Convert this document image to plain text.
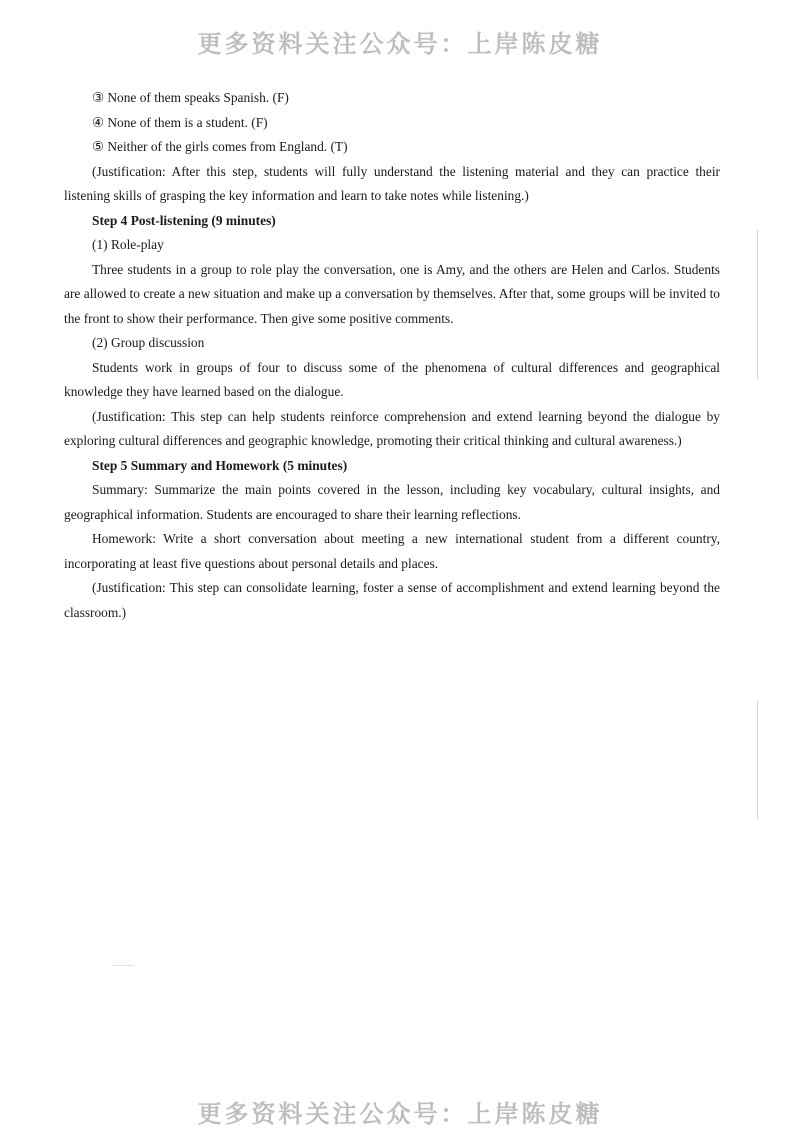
更多资料关注公众号：上岸陈皮糖

③ None of them speaks Spanish. (F)

④ None of them is a student. (F)

⑤ Neither of the girls comes from England. (T)

(Justification: After this step, students will fully understand the listening material and they can practice their listening skills of grasping the key information and learn to take notes while listening.)

Step 4 Post-listening (9 minutes)

(1) Role-play

Three students in a group to role play the conversation, one is Amy, and the others are Helen and Carlos. Students are allowed to create a new situation and make up a conversation by themselves. After that, some groups will be invited to the front to show their performance. Then give some positive comments.

(2) Group discussion

Students work in groups of four to discuss some of the phenomena of cultural differences and geographical knowledge they have learned based on the dialogue.

(Justification: This step can help students reinforce comprehension and extend learning beyond the dialogue by exploring cultural differences and geographic knowledge, promoting their critical thinking and cultural awareness.)

Step 5 Summary and Homework (5 minutes)

Summary: Summarize the main points covered in the lesson, including key vocabulary, cultural insights, and geographical information. Students are encouraged to share their learning reflections.

Homework: Write a short conversation about meeting a new international student from a different country, incorporating at least five questions about personal details and places.

(Justification: This step can consolidate learning, foster a sense of accomplishment and extend learning beyond the classroom.)

更多资料关注公众号：上岸陈皮糖
